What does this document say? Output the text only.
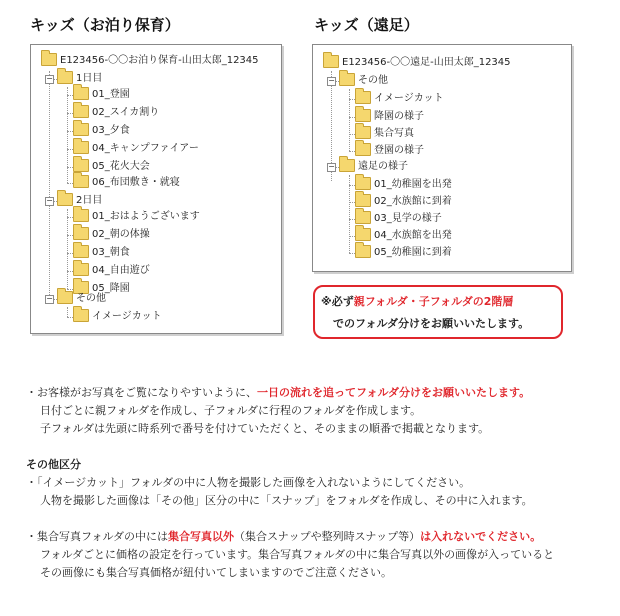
キッズ（お泊り保育）	キッズ（遠足）
E123456-〇〇お泊り保育-山田太郎_12345
−	1日目
01_登園
02_スイカ割り
03_夕食
04_キャンプファイアー
05_花火大会
06_布団敷き・就寝
−	2日目
01_おはようございます
02_朝の体操
03_朝食
04_自由遊び
05_降園
−	その他
イメージカット
E123456-〇〇遠足-山田太郎_12345
−	その他
イメージカット
降園の様子
集合写真
登園の様子
−	遠足の様子
01_幼稚園を出発
02_水族館に到着
03_見学の様子
04_水族館を出発
05_幼稚園に到着
※必ず親フォルダ・子フォルダの2階層
でのフォルダ分けをお願いいたします。
・お客様がお写真をご覧になりやすいように、一日の流れを追ってフォルダ分けをお願いいたします。
日付ごとに親フォルダを作成し、子フォルダに行程のフォルダを作成します。
子フォルダは先頭に時系列で番号を付けていただくと、そのままの順番で掲載となります。
その他区分
・「イメージカット」フォルダの中に人物を撮影した画像を入れないようにしてください。
人物を撮影した画像は「その他」区分の中に「スナップ」をフォルダを作成し、その中に入れます。
・集合写真フォルダの中には集合写真以外（集合スナップや整列時スナップ等）は入れないでください。
フォルダごとに価格の設定を行っています。集合写真フォルダの中に集合写真以外の画像が入っていると
その画像にも集合写真価格が紐付いてしまいますのでご注意ください。
